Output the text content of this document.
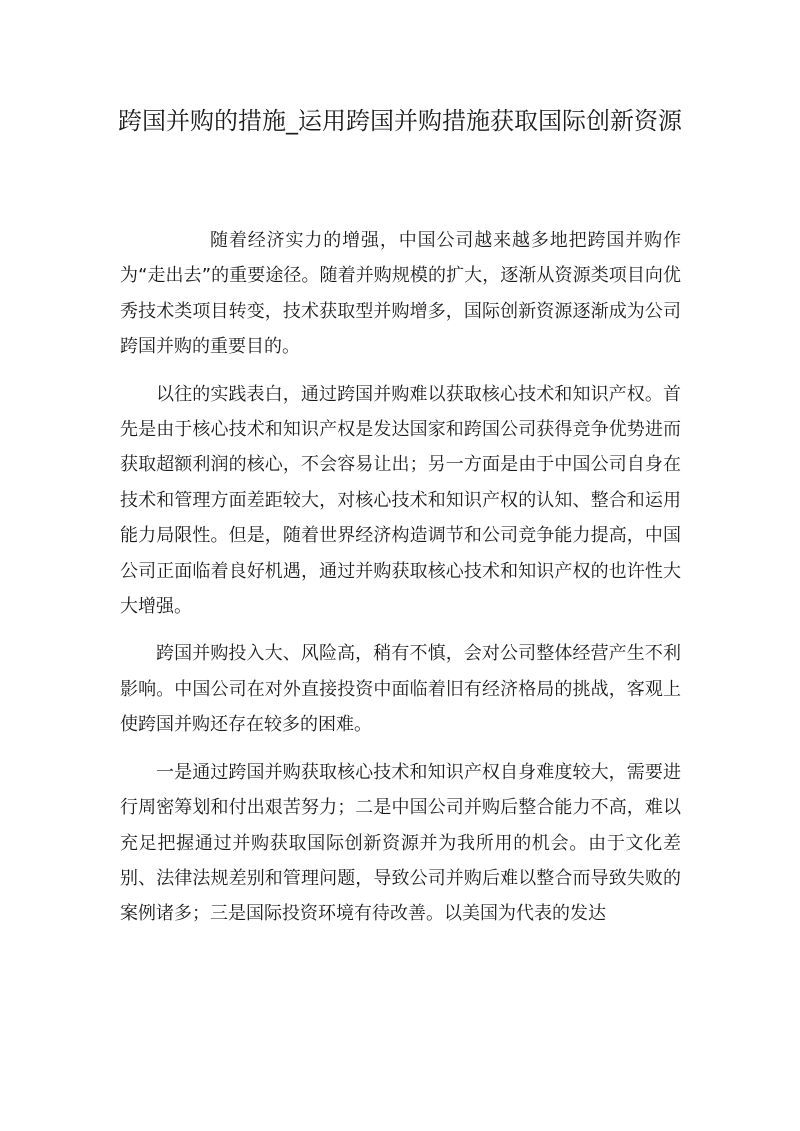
跨国并购的措施_运用跨国并购措施获取国际创新资源

随着经济实力的增强，中国公司越来越多地把跨国并购作为“走出去”的重要途径。随着并购规模的扩大，逐渐从资源类项目向优秀技术类项目转变，技术获取型并购增多，国际创新资源逐渐成为公司跨国并购的重要目的。

以往的实践表白，通过跨国并购难以获取核心技术和知识产权。首先是由于核心技术和知识产权是发达国家和跨国公司获得竞争优势进而获取超额利润的核心，不会容易让出；另一方面是由于中国公司自身在技术和管理方面差距较大，对核心技术和知识产权的认知、整合和运用能力局限性。但是，随着世界经济构造调节和公司竞争能力提高，中国公司正面临着良好机遇，通过并购获取核心技术和知识产权的也许性大大增强。

跨国并购投入大、风险高，稍有不慎，会对公司整体经营产生不利影响。中国公司在对外直接投资中面临着旧有经济格局的挑战，客观上使跨国并购还存在较多的困难。

一是通过跨国并购获取核心技术和知识产权自身难度较大，需要进行周密筹划和付出艰苦努力；二是中国公司并购后整合能力不高，难以充足把握通过并购获取国际创新资源并为我所用的机会。由于文化差别、法律法规差别和管理问题，导致公司并购后难以整合而导致失败的案例诸多；三是国际投资环境有待改善。以美国为代表的发达
